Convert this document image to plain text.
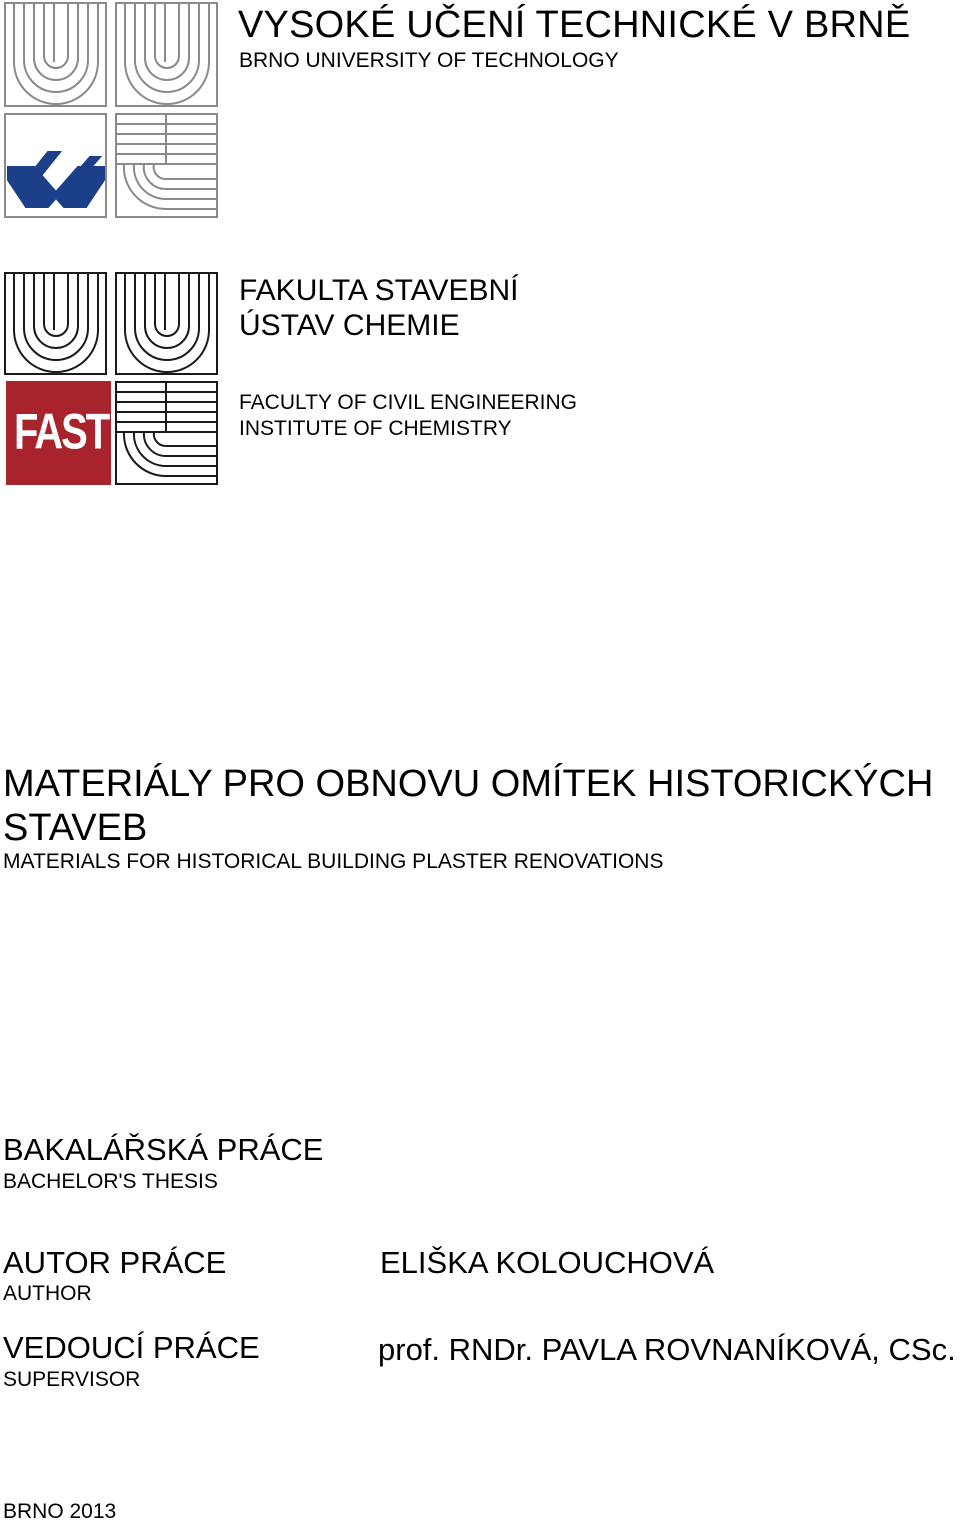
VYSOKÉ UČENÍ TECHNICKÉ V BRNĚ
BRNO UNIVERSITY OF TECHNOLOGY
FAST
FAKULTA STAVEBNÍ
ÚSTAV CHEMIE
FACULTY OF CIVIL ENGINEERING
INSTITUTE OF CHEMISTRY
MATERIÁLY PRO OBNOVU OMÍTEK HISTORICKÝCH STAVEB
MATERIALS FOR HISTORICAL BUILDING PLASTER RENOVATIONS
BAKALÁŘSKÁ PRÁCE
BACHELOR'S THESIS
AUTOR PRÁCE
AUTHOR
ELIŠKA KOLOUCHOVÁ
VEDOUCÍ PRÁCE
SUPERVISOR
prof. RNDr. PAVLA ROVNANÍKOVÁ, CSc.
BRNO 2013
